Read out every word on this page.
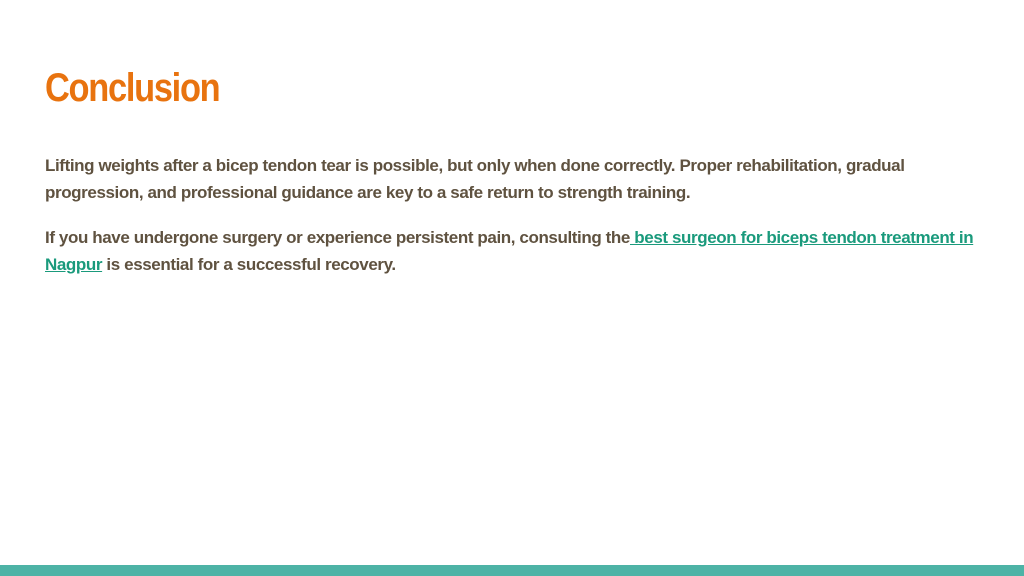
Conclusion

Lifting weights after a bicep tendon tear is possible, but only when done correctly. Proper rehabilitation, gradual progression, and professional guidance are key to a safe return to strength training.

If you have undergone surgery or experience persistent pain, consulting the best surgeon for biceps tendon treatment in Nagpur is essential for a successful recovery.
